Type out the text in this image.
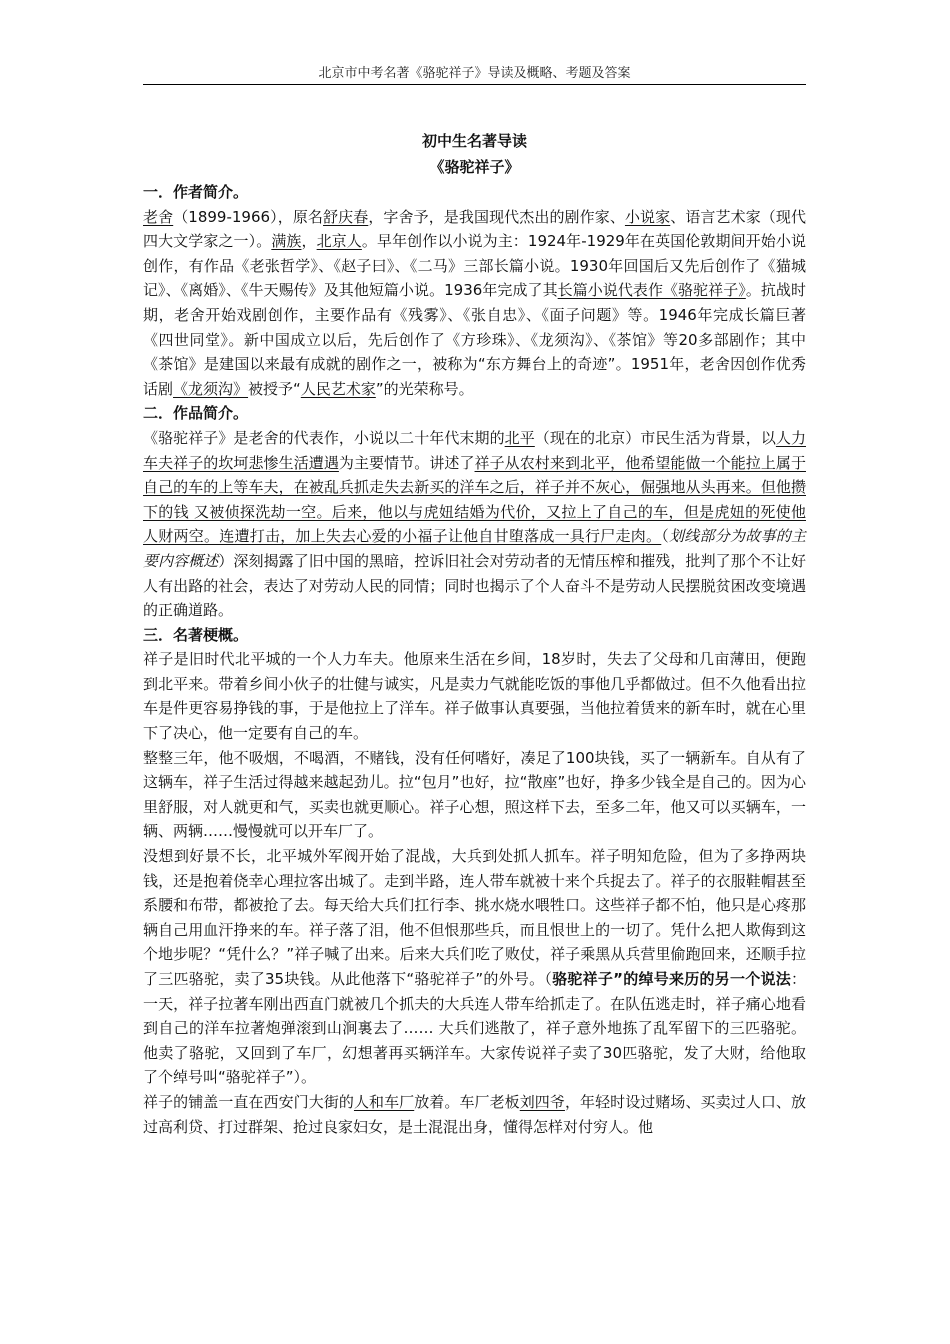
北京市中考名著《骆驼祥子》导读及概略、考题及答案
初中生名著导读
《骆驼祥子》

一．作者简介。

老舍（1899-1966），原名舒庆春，字舍予，是我国现代杰出的剧作家、小说家、语言艺术家（现代四大文学家之一）。满族，北京人。早年创作以小说为主：1924年-1929年在英国伦敦期间开始小说创作，有作品《老张哲学》、《赵子曰》、《二马》三部长篇小说。1930年回国后又先后创作了《猫城记》、《离婚》、《牛天赐传》及其他短篇小说。1936年完成了其长篇小说代表作《骆驼祥子》。抗战时期，老舍开始戏剧创作，主要作品有《残雾》、《张自忠》、《面子问题》等。1946年完成长篇巨著《四世同堂》。新中国成立以后，先后创作了《方珍珠》、《龙须沟》、《茶馆》等20多部剧作；其中《茶馆》是建国以来最有成就的剧作之一，被称为“东方舞台上的奇迹”。1951年，老舍因创作优秀话剧《龙须沟》被授予“人民艺术家”的光荣称号。

二．作品简介。

《骆驼祥子》是老舍的代表作，小说以二十年代末期的北平（现在的北京）市民生活为背景，以人力车夫祥子的坎坷悲惨生活遭遇为主要情节。讲述了祥子从农村来到北平，他希望能做一个能拉上属于自己的车的上等车夫，在被乱兵抓走失去新买的洋车之后，祥子并不灰心，倔强地从头再来。但他攒下的钱 又被侦探洗劫一空。后来，他以与虎妞结婚为代价，又拉上了自己的车，但是虎妞的死使他人财两空。连遭打击，加上失去心爱的小福子让他自甘堕落成一具行尸走肉。（划线部分为故事的主要内容概述）深刻揭露了旧中国的黑暗，控诉旧社会对劳动者的无情压榨和摧残，批判了那个不让好人有出路的社会，表达了对劳动人民的同情；同时也揭示了个人奋斗不是劳动人民摆脱贫困改变境遇的正确道路。

三．名著梗概。

祥子是旧时代北平城的一个人力车夫。他原来生活在乡间，18岁时，失去了父母和几亩薄田，便跑到北平来。带着乡间小伙子的壮健与诚实，凡是卖力气就能吃饭的事他几乎都做过。但不久他看出拉车是件更容易挣钱的事，于是他拉上了洋车。祥子做事认真要强，当他拉着赁来的新车时，就在心里下了决心，他一定要有自己的车。

整整三年，他不吸烟，不喝酒，不赌钱，没有任何嗜好，凑足了100块钱，买了一辆新车。自从有了这辆车，祥子生活过得越来越起劲儿。拉“包月”也好，拉“散座”也好，挣多少钱全是自己的。因为心里舒服，对人就更和气，买卖也就更顺心。祥子心想，照这样下去，至多二年，他又可以买辆车，一辆、两辆……慢慢就可以开车厂了。

没想到好景不长，北平城外军阀开始了混战，大兵到处抓人抓车。祥子明知危险，但为了多挣两块钱，还是抱着侥幸心理拉客出城了。走到半路，连人带车就被十来个兵捉去了。祥子的衣服鞋帽甚至系腰和布带，都被抢了去。每天给大兵们扛行李、挑水烧水喂牲口。这些祥子都不怕，他只是心疼那辆自己用血汗挣来的车。祥子落了泪，他不但恨那些兵，而且恨世上的一切了。凭什么把人欺侮到这个地步呢？“凭什么？”祥子喊了出来。后来大兵们吃了败仗，祥子乘黑从兵营里偷跑回来，还顺手拉了三匹骆驼，卖了35块钱。从此他落下“骆驼祥子”的外号。（骆驼祥子”的绰号来历的另一个说法：一天，祥子拉著车刚出西直门就被几个抓夫的大兵连人带车给抓走了。在队伍逃走时，祥子痛心地看到自己的洋车拉著炮弹滚到山涧裏去了…… 大兵们逃散了，祥子意外地拣了乱军留下的三匹骆驼。他卖了骆驼，又回到了车厂，幻想著再买辆洋车。大家传说祥子卖了30匹骆驼，发了大财，给他取了个绰号叫“骆驼祥子”）。

祥子的铺盖一直在西安门大街的人和车厂放着。车厂老板刘四爷，年轻时设过赌场、买卖过人口、放过高利贷、打过群架、抢过良家妇女，是土混混出身，懂得怎样对付穷人。他
